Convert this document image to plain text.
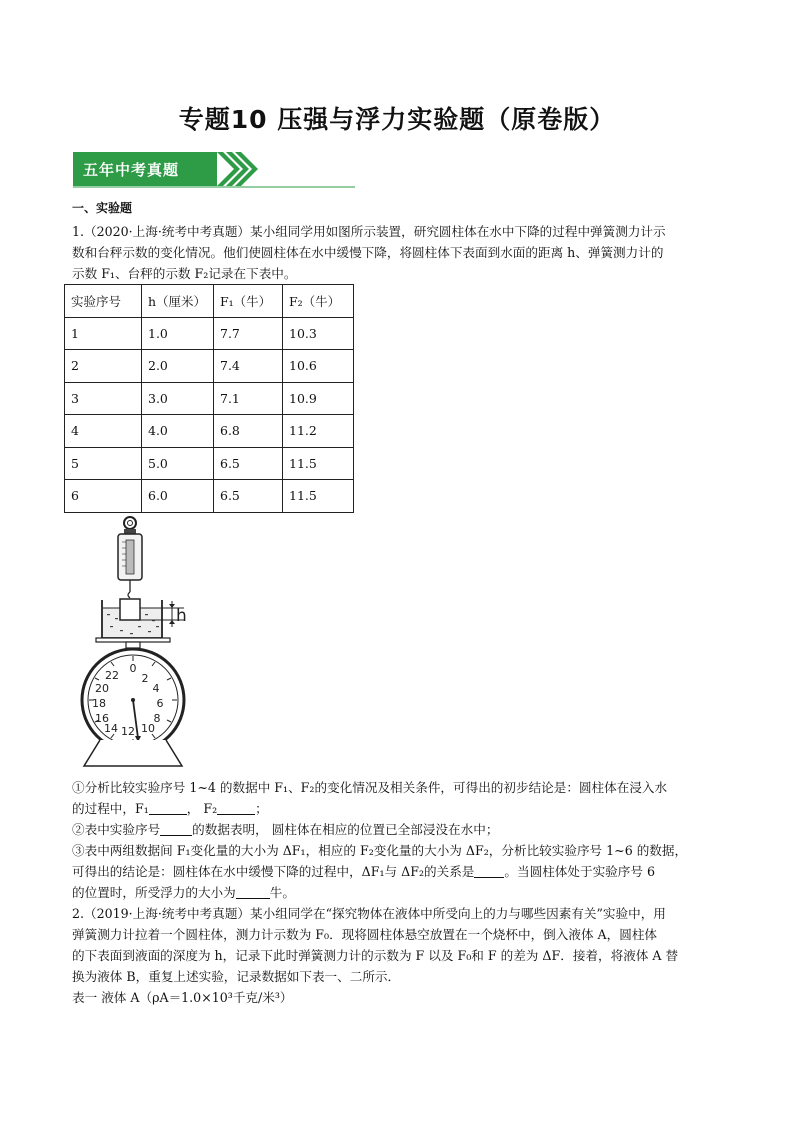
专题10 压强与浮力实验题（原卷版）
五年中考真题
一、实验题
1.（2020·上海·统考中考真题）某小组同学用如图所示装置，研究圆柱体在水中下降的过程中弹簧测力计示
数和台秤示数的变化情况。他们使圆柱体在水中缓慢下降，将圆柱体下表面到水面的距离 h、弹簧测力计的
示数 F₁、台秤的示数 F₂记录在下表中。
实验序号	h（厘米）	F₁（牛）	F₂（牛）
1	1.0	7.7	10.3
2	2.0	7.4	10.6
3	3.0	7.1	10.9
4	4.0	6.8	11.2
5	5.0	6.5	11.5
6	6.0	6.5	11.5
h
22
0
2
4
20
6
18
16	8
14 10
12
①分析比较实验序号 1~4 的数据中 F₁、F₂的变化情况及相关条件，可得出的初步结论是：圆柱体在浸入水
的过程中，F₁	， F₂	；
②表中实验序号	的数据表明， 圆柱体在相应的位置已全部浸没在水中；
③表中两组数据间 F₁变化量的大小为 ΔF₁，相应的 F₂变化量的大小为 ΔF₂，分析比较实验序号 1~6 的数据，
可得出的结论是：圆柱体在水中缓慢下降的过程中，ΔF₁与 ΔF₂的关系是 。当圆柱体处于实验序号 6
的位置时，所受浮力的大小为	牛。
2.（2019·上海·统考中考真题）某小组同学在“探究物体在液体中所受向上的力与哪些因素有关”实验中，用
弹簧测力计拉着一个圆柱体，测力计示数为 F₀．现将圆柱体悬空放置在一个烧杯中，倒入液体 A，圆柱体
的下表面到液面的深度为 h，记录下此时弹簧测力计的示数为 F 以及 F₀和 F 的差为 ΔF．接着，将液体 A 替
换为液体 B，重复上述实验，记录数据如下表一、二所示．
表一 液体 A（ρA＝1.0×10³千克/米³）
